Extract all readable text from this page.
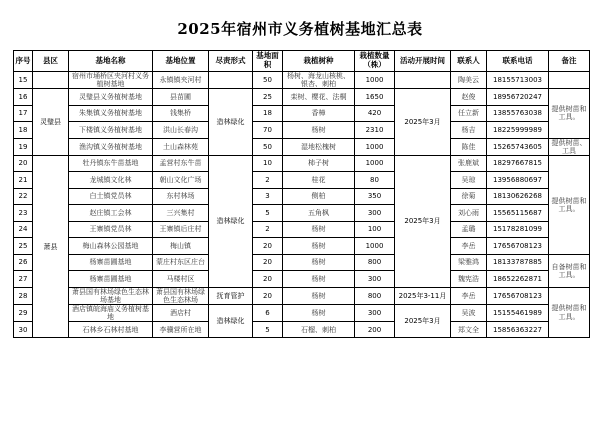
2025年宿州市义务植树基地汇总表
序号	县区	基地名称	基地位置	尽责形式	基地面积	栽植树种	栽植数量（株）	活动开展时间	联系人	联系电话	备注
15		宿州市埇桥区夹河村义务植树基地	永镇镇夹河村		50	杨树、海龙山核桃、银杏、刺柏	1000		陶美云	18155713003	
16	灵璧县	灵璧县义务植树基地	县苗圃	造林绿化	25	栾树、樱花、法桐	1650	2025年3月	赵俊	18956720247	提供树苗和工具。
17		朱集镇义务植树基地	钱集桥		18	香樟	420		任立新	13855763038	
18		下楼镇义务植树基地	洪山长春沟		70	杨树	2310		杨吉	18225999989	
19		渔沟镇义务植树基地	土山森林苑		50	湿地松槐树	1000		陈佳	15265743605	提供树苗、工具
20	萧县	牡丹镇东牛苗基地	孟营村东牛苗	造林绿化	10	柿子树	1000	2025年3月	张鹿斌	18297667815	提供树苗和工具。
21		龙城镇文化林	朝山文化广场		2	桂花	80		吴琼	13956880697	
22		白土镇党员林	东村林场		3	侧柏	350		徐菊	18130626268	
23		赵庄镇工会林	三兴集村		5	五角枫	300		刘心雨	15565115687	
24		王寨镇党员林	王寨镇后庄村		2	杨树	100		孟璐	15178281099	
25		梅山森林公园基地	梅山镇		20	杨树	1000		李岳	17656708123	
26		杨寨苗圃基地	蒙庄村东区庄台		20	杨树	800		梁雅鸿	18133787885	自备树苗和工具。
27		杨寨苗圃基地	马楼村区		20	杨树	300		魏宪浩	18652262871	
28		萧县国有林场绿色生态林场基地	萧县国有林场绿色生态林场	抚育管护	20	杨树	800	2025年3-11月	李岳	17656708123	提供树苗和工具。
29		酒店镇皖海庙义务植树基地	酒店村	造林绿化	6	杨树	300	2025年3月	吴波	15155461989	
30		石林乡石林村基地	李骥营所在地		5	石榴、刺柏	200		郑文全	15856363227	
